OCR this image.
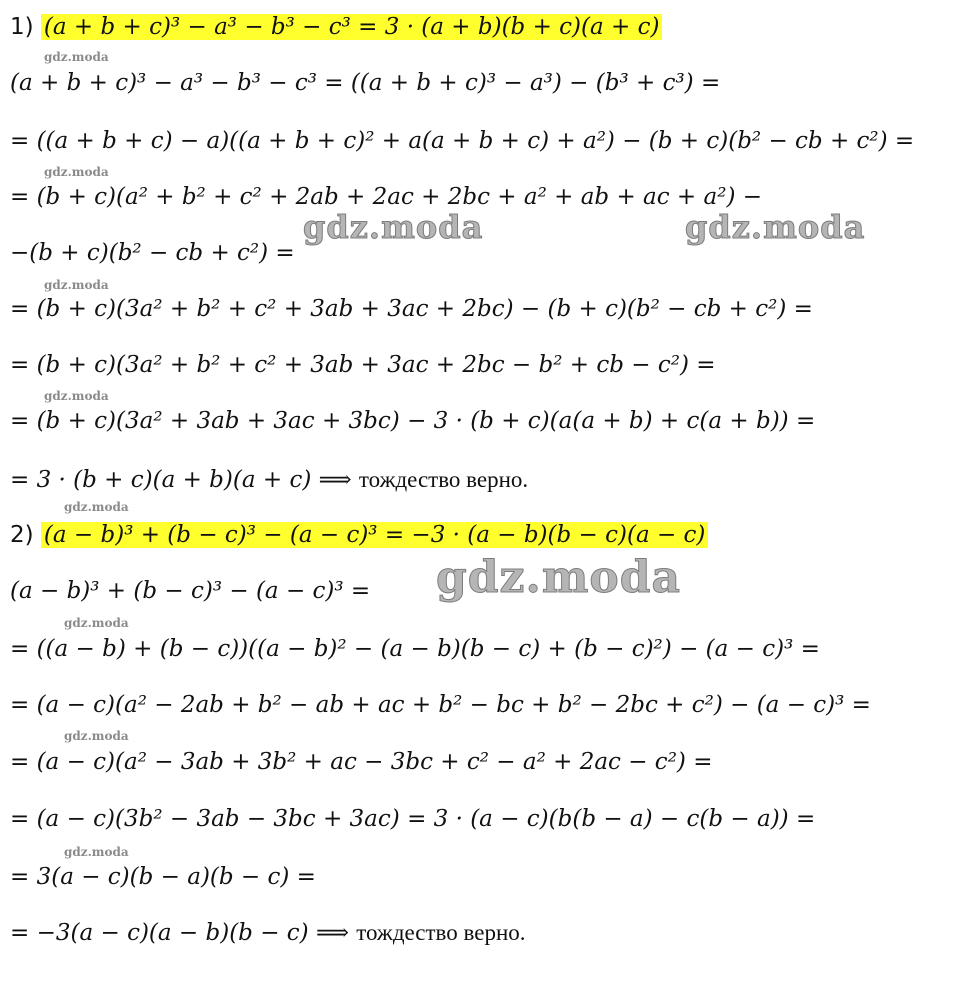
1) (a + b + c)³ − a³ − b³ − c³ = 3 · (a + b)(b + c)(a + c)
(a + b + c)³ − a³ − b³ − c³ = ((a + b + c)³ − a³) − (b³ + c³) =
= ((a + b + c) − a)((a + b + c)² + a(a + b + c) + a²) − (b + c)(b² − cb + c²) =
= (b + c)(a² + b² + c² + 2ab + 2ac + 2bc + a² + ab + ac + a²) −
−(b + c)(b² − cb + c²) =
= (b + c)(3a² + b² + c² + 3ab + 3ac + 2bc) − (b + c)(b² − cb + c²) =
= (b + c)(3a² + b² + c² + 3ab + 3ac + 2bc − b² + cb − c²) =
= (b + c)(3a² + 3ab + 3ac + 3bc) − 3 · (b + c)(a(a + b) + c(a + b)) =
= 3 · (b + c)(a + b)(a + c) ⟹ тождество верно.
2) (a − b)³ + (b − c)³ − (a − c)³ = −3 · (a − b)(b − c)(a − c)
(a − b)³ + (b − c)³ − (a − c)³ =
= ((a − b) + (b − c))((a − b)² − (a − b)(b − c) + (b − c)²) − (a − c)³ =
= (a − c)(a² − 2ab + b² − ab + ac + b² − bc + b² − 2bc + c²) − (a − c)³ =
= (a − c)(a² − 3ab + 3b² + ac − 3bc + c² − a² + 2ac − c²) =
= (a − c)(3b² − 3ab − 3bc + 3ac) = 3 · (a − c)(b(b − a) − c(b − a)) =
= 3(a − c)(b − a)(b − c) =
= −3(a − c)(a − b)(b − c) ⟹ тождество верно.
gdz.moda
gdz.moda
gdz.moda
gdz.moda
gdz.moda
gdz.moda
gdz.moda
gdz.moda
gdz.moda	gdz.moda
gdz.moda
